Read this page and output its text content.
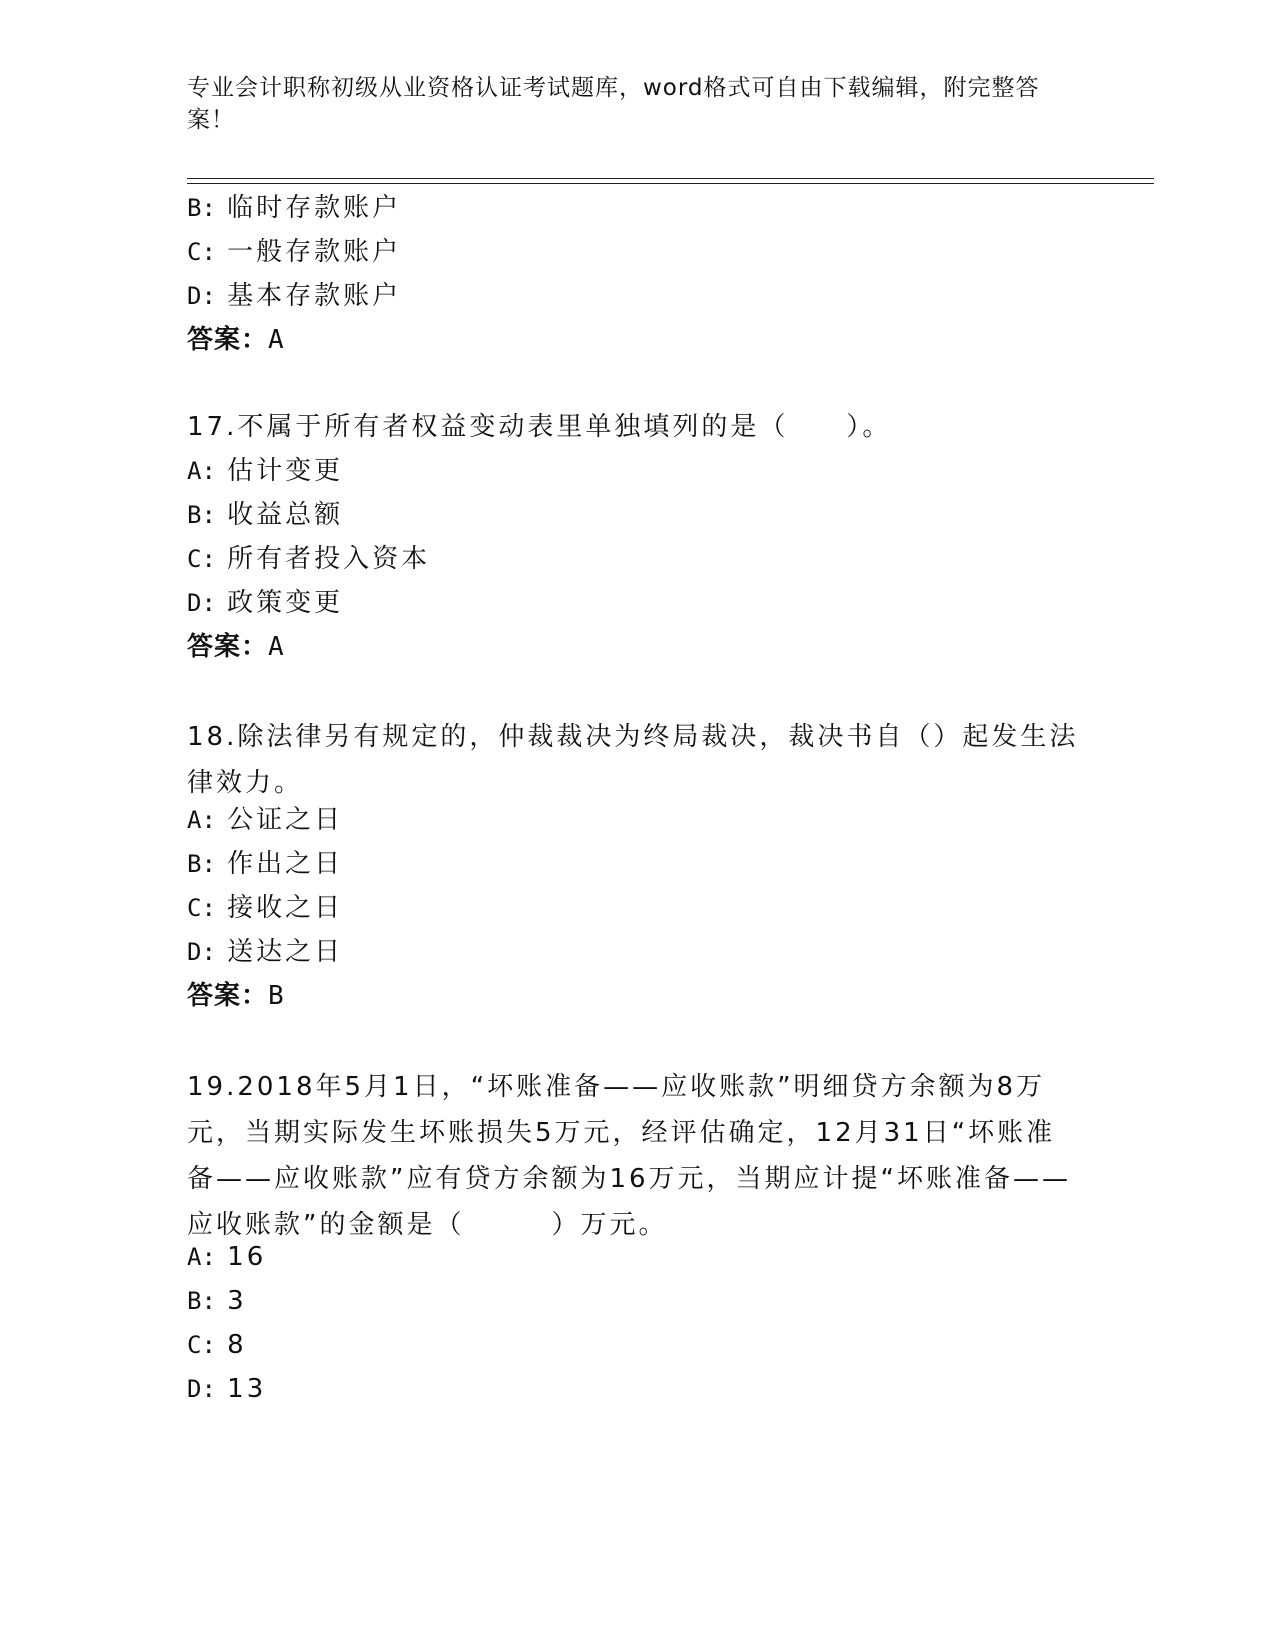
专业会计职称初级从业资格认证考试题库，word格式可自由下载编辑，附完整答案！

B: 临时存款账户

C: 一般存款账户

D: 基本存款账户

答案：A

17.不属于所有者权益变动表里单独填列的是（　　）。

A: 估计变更

B: 收益总额

C: 所有者投入资本

D: 政策变更

答案：A

18.除法律另有规定的，仲裁裁决为终局裁决，裁决书自（）起发生法律效力。

A: 公证之日

B: 作出之日

C: 接收之日

D: 送达之日

答案：B

19.2018年5月1日，“坏账准备——应收账款”明细贷方余额为8万元，当期实际发生坏账损失5万元，经评估确定，12月31日“坏账准备——应收账款”应有贷方余额为16万元，当期应计提“坏账准备——应收账款”的金额是（　　　）万元。

A: 16

B: 3

C: 8

D: 13
